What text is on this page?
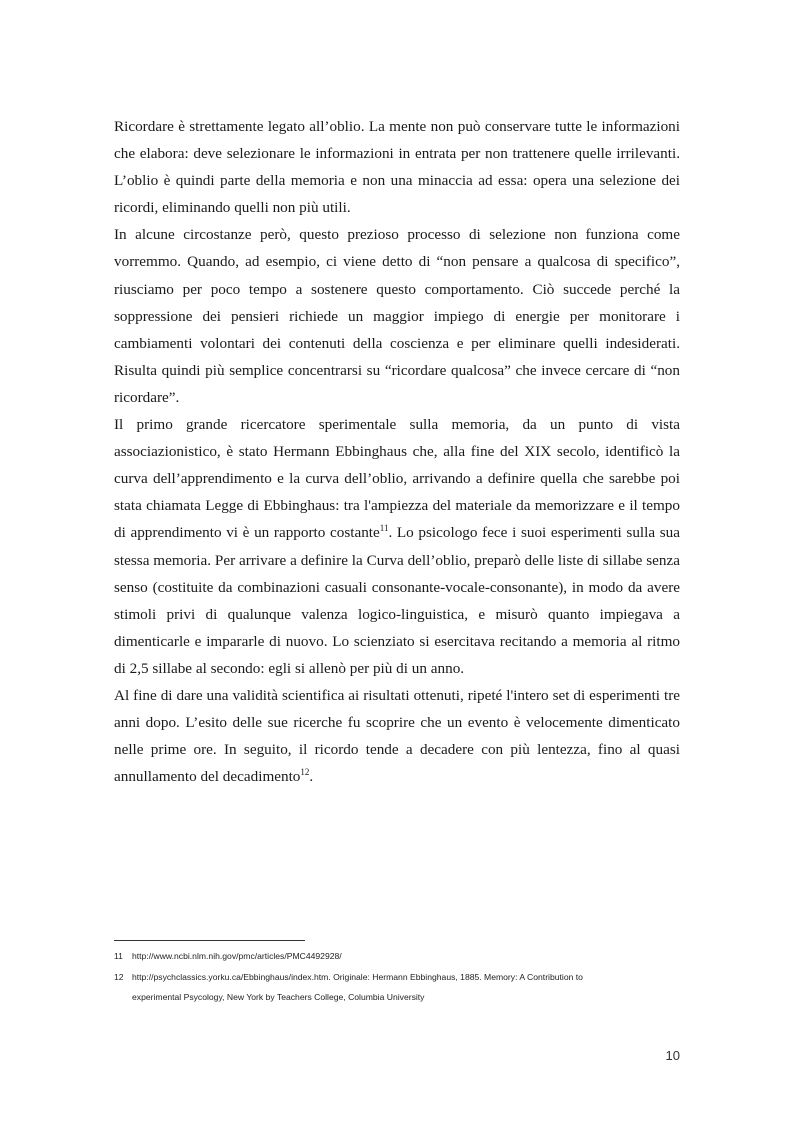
Ricordare è strettamente legato all’oblio. La mente non può conservare tutte le informazioni che elabora: deve selezionare le informazioni in entrata per non trattenere quelle irrilevanti. L’oblio è quindi parte della memoria e non una minaccia ad essa: opera una selezione dei ricordi, eliminando quelli non più utili.

In alcune circostanze però, questo prezioso processo di selezione non funziona come vorremmo. Quando, ad esempio, ci viene detto di “non pensare a qualcosa di specifico”, riusciamo per poco tempo a sostenere questo comportamento. Ciò succede perché la soppressione dei pensieri richiede un maggior impiego di energie per monitorare i cambiamenti volontari dei contenuti della coscienza e per eliminare quelli indesiderati. Risulta quindi più semplice concentrarsi su “ricordare qualcosa” che invece cercare di “non ricordare”.

Il primo grande ricercatore sperimentale sulla memoria, da un punto di vista associazionistico, è stato Hermann Ebbinghaus che, alla fine del XIX secolo, identificò la curva dell’apprendimento e la curva dell’oblio, arrivando a definire quella che sarebbe poi stata chiamata Legge di Ebbinghaus: tra l'ampiezza del materiale da memorizzare e il tempo di apprendimento vi è un rapporto costante$^{11}$. Lo psicologo fece i suoi esperimenti sulla sua stessa memoria. Per arrivare a definire la Curva dell’oblio, preparò delle liste di sillabe senza senso (costituite da combinazioni casuali consonante-vocale-consonante), in modo da avere stimoli privi di qualunque valenza logico-linguistica, e misurò quanto impiegava a dimenticarle e impararle di nuovo. Lo scienziato si esercitava recitando a memoria al ritmo di 2,5 sillabe al secondo: egli si allenò per più di un anno.

Al fine di dare una validità scientifica ai risultati ottenuti, ripeté l'intero set di esperimenti tre anni dopo. L’esito delle sue ricerche fu scoprire che un evento è velocemente dimenticato nelle prime ore. In seguito, il ricordo tende a decadere con più lentezza, fino al quasi annullamento del decadimento$^{12}$.

11	http://www.ncbi.nlm.nih.gov/pmc/articles/PMC4492928/
12 http://psychclassics.yorku.ca/Ebbinghaus/index.htm. Originale: Hermann Ebbinghaus, 1885. Memory: A Contribution to
experimental Psycology, New York by Teachers College, Columbia University
10
